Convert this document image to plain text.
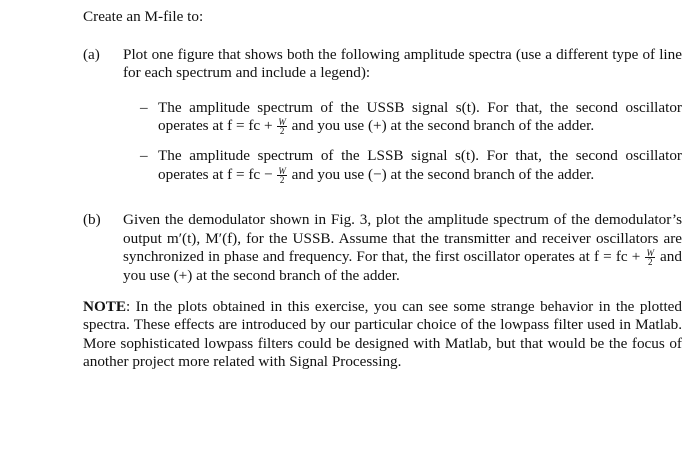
Create an M-file to:
(a)	Plot one figure that shows both the following amplitude spectra (use a different type of line for each spectrum and include a legend):
– The amplitude spectrum of the USSB signal s(t). For that, the second oscillator operates at f = fc + $\frac{W}{2}$ and you use (+) at the second branch of the adder.
– The amplitude spectrum of the LSSB signal s(t). For that, the second oscillator operates at f = fc − $\frac{W}{2}$ and you use (−) at the second branch of the adder.
(b)	Given the demodulator shown in Fig. 3, plot the amplitude spectrum of the demodulator’s output m′(t), M′(f), for the USSB. Assume that the transmitter and receiver oscillators are synchronized in phase and frequency. For that, the first oscillator operates at f = fc + $\frac{W}{2}$ and you use (+) at the second branch of the adder.
NOTE: In the plots obtained in this exercise, you can see some strange behavior in the plotted spectra. These effects are introduced by our particular choice of the lowpass filter used in Matlab. More sophisticated lowpass filters could be designed with Matlab, but that would be the focus of another project more related with Signal Processing.
